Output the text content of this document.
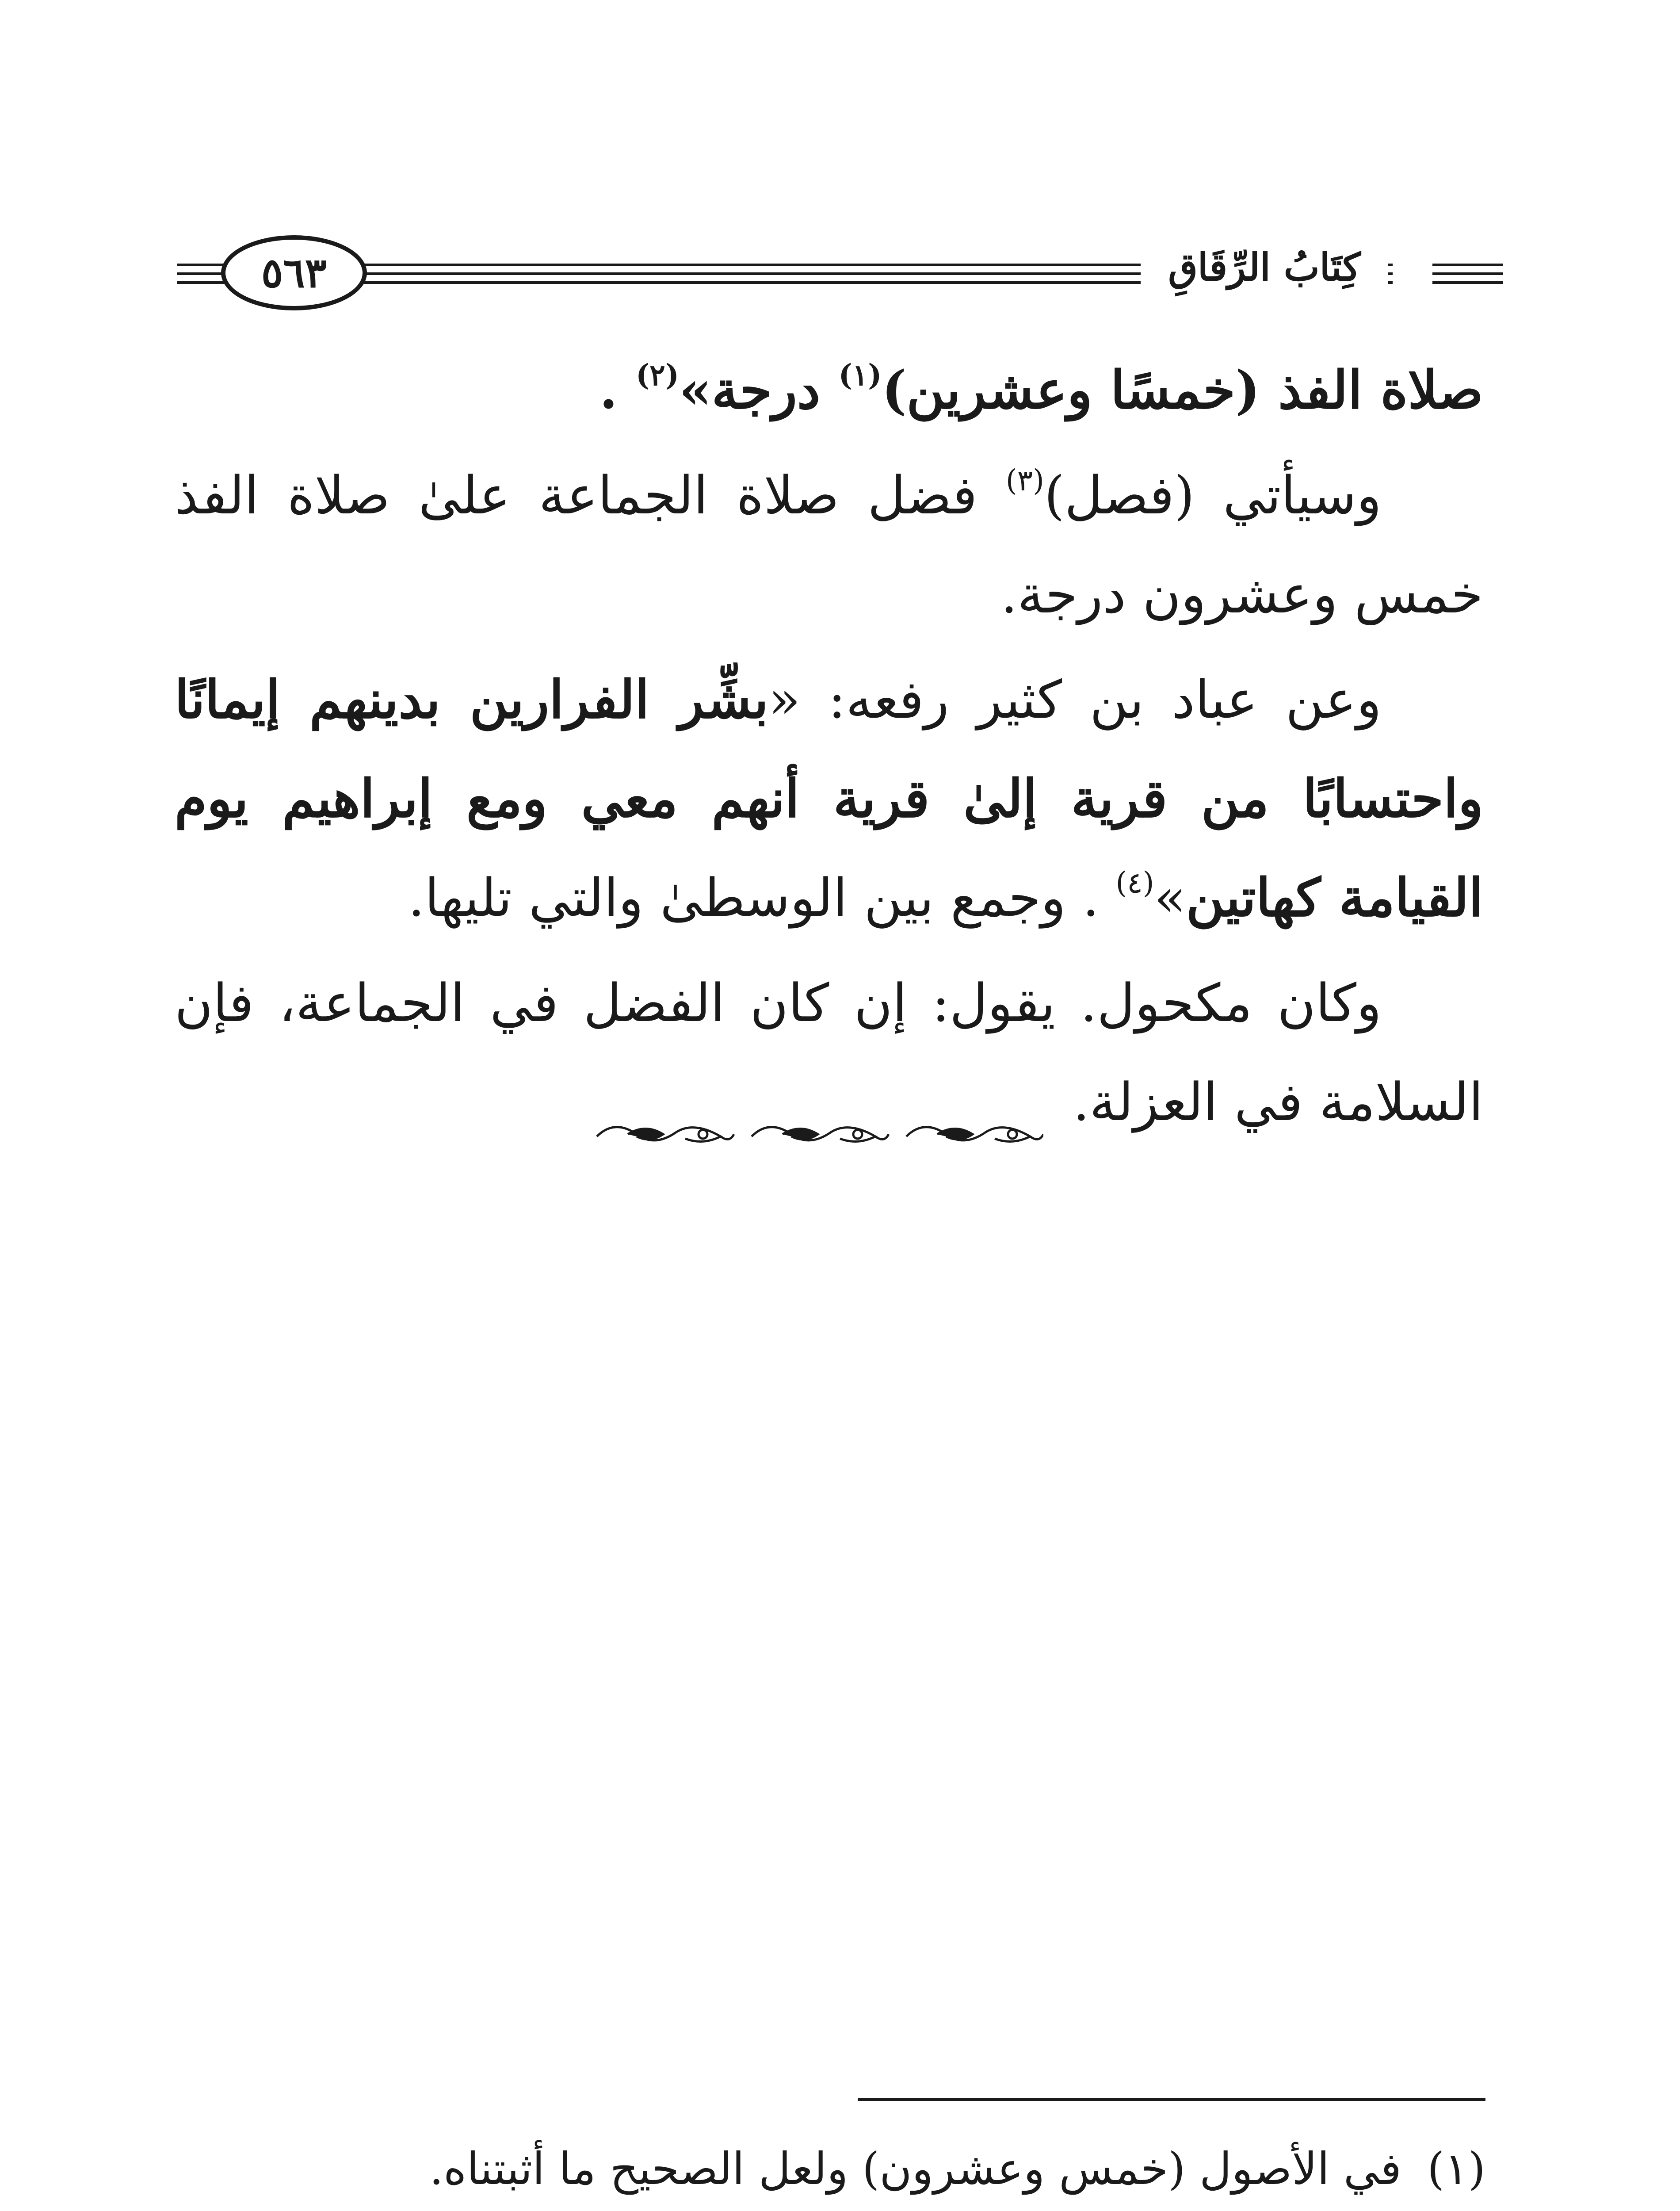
كِتَابُ الرِّقَاقِ
٥٦٣

صلاة الفذ (خمسًا وعشرين)$^{(١)}$ درجة»$^{(٢)}$ .

وسيأتي (فصل)$^{(٣)}$ فضل صلاة الجماعة علىٰ صلاة الفذ خمس وعشرون درجة.

وعن عباد بن كثير رفعه: «بشِّر الفرارين بدينهم إيمانًا واحتسابًا من قرية إلىٰ قرية أنهم معي ومع إبراهيم يوم القيامة كهاتين»$^{(٤)}$ . وجمع بين الوسطىٰ والتي تليها.

وكان مكحول. يقول: إن كان الفضل في الجماعة، فإن السلامة في العزلة.

(١)
في الأصول (خمس وعشرون) ولعل الصحيح ما أثبتناه.
